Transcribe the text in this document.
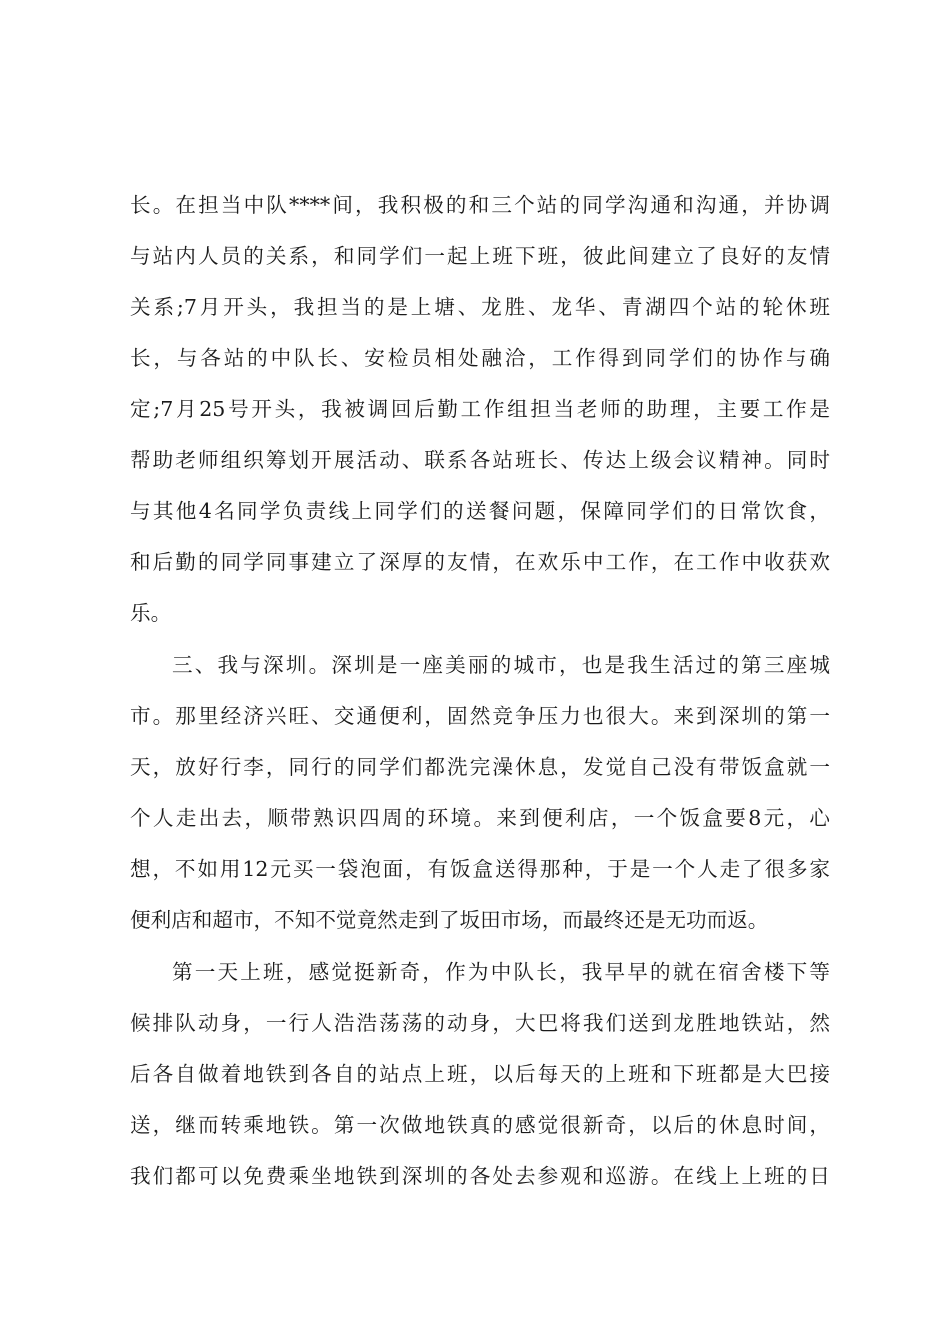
长。在担当中队****间，我积极的和三个站的同学沟通和沟通，并协调
与站内人员的关系，和同学们一起上班下班，彼此间建立了良好的友情
关系;7月开头，我担当的是上塘、龙胜、龙华、青湖四个站的轮休班
长，与各站的中队长、安检员相处融洽，工作得到同学们的协作与确
定;7月25号开头，我被调回后勤工作组担当老师的助理，主要工作是
帮助老师组织筹划开展活动、联系各站班长、传达上级会议精神。同时
与其他4名同学负责线上同学们的送餐问题，保障同学们的日常饮食，
和后勤的同学同事建立了深厚的友情，在欢乐中工作，在工作中收获欢
乐。
三、我与深圳。深圳是一座美丽的城市，也是我生活过的第三座城
市。那里经济兴旺、交通便利，固然竞争压力也很大。来到深圳的第一
天，放好行李，同行的同学们都洗完澡休息，发觉自己没有带饭盒就一
个人走出去，顺带熟识四周的环境。来到便利店，一个饭盒要8元，心
想，不如用12元买一袋泡面，有饭盒送得那种，于是一个人走了很多家
便利店和超市，不知不觉竟然走到了坂田市场，而最终还是无功而返。
第一天上班，感觉挺新奇，作为中队长，我早早的就在宿舍楼下等
候排队动身，一行人浩浩荡荡的动身，大巴将我们送到龙胜地铁站，然
后各自做着地铁到各自的站点上班，以后每天的上班和下班都是大巴接
送，继而转乘地铁。第一次做地铁真的感觉很新奇，以后的休息时间，
我们都可以免费乘坐地铁到深圳的各处去参观和巡游。在线上上班的日
